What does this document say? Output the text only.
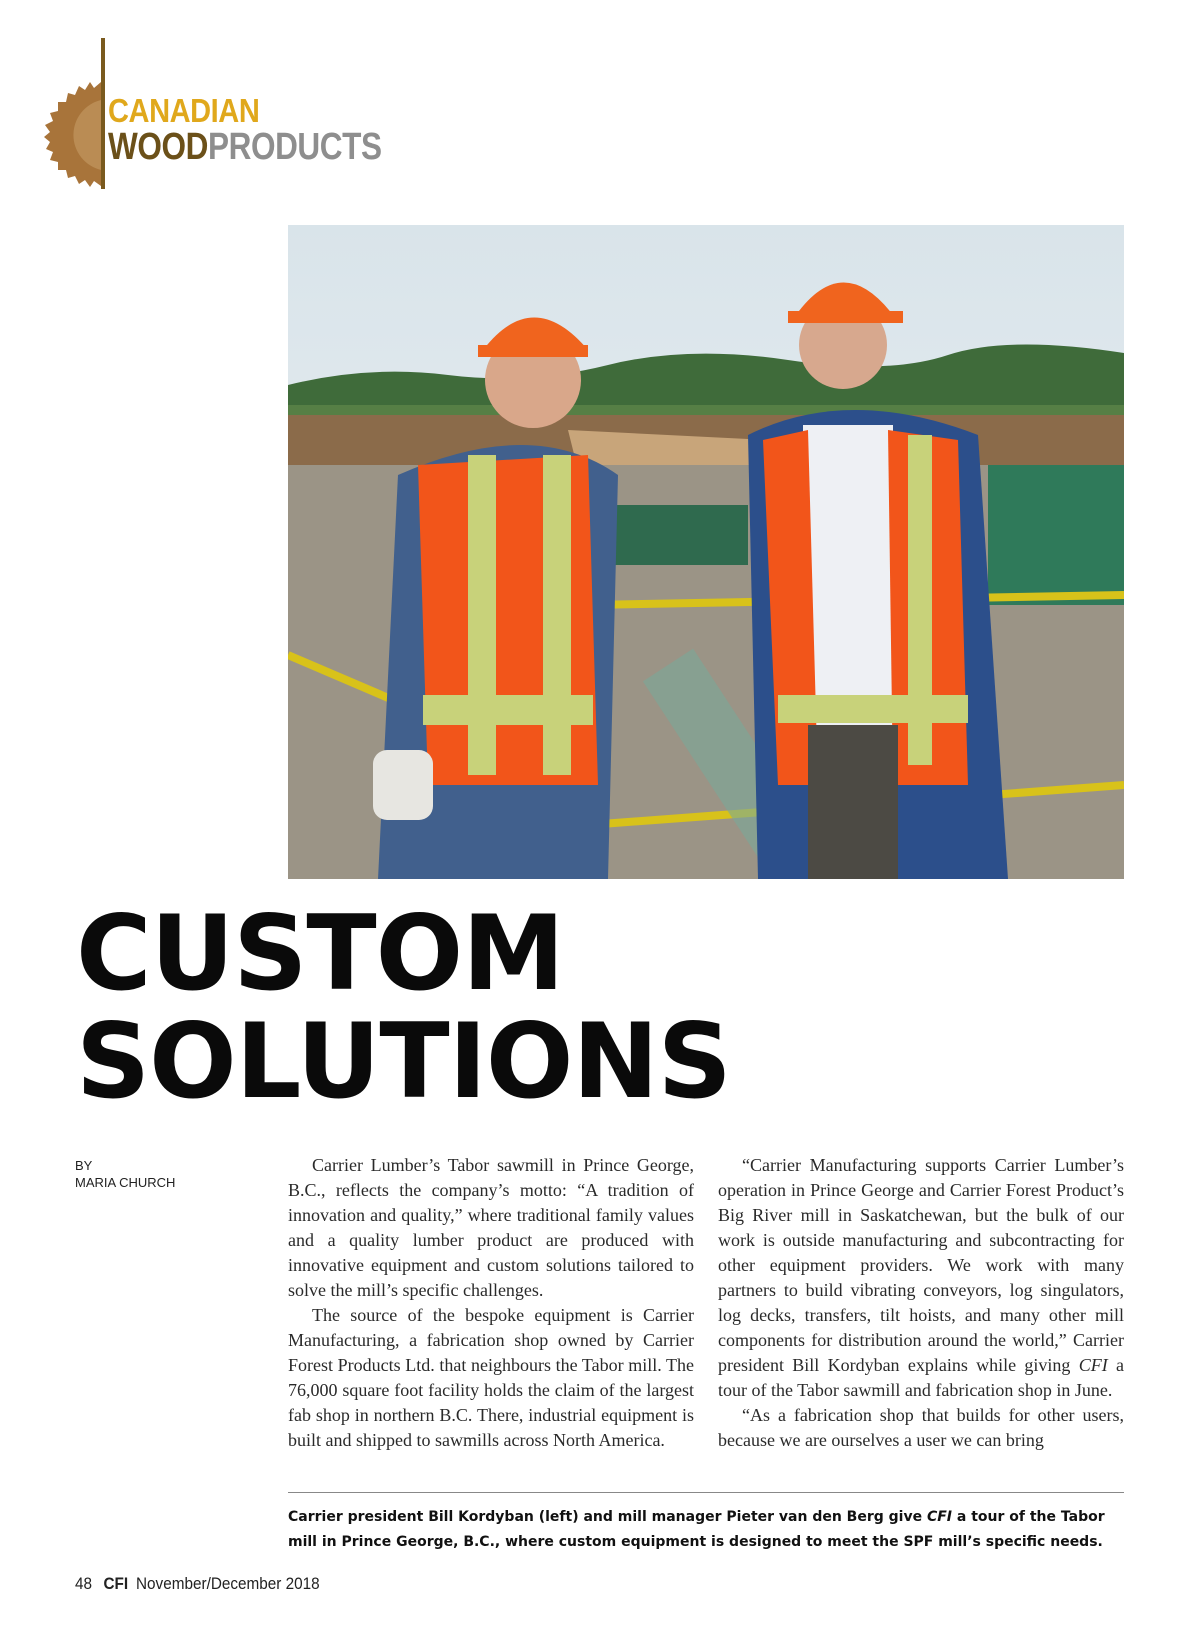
CANADIAN
WOODPRODUCTS
CUSTOM
SOLUTIONS
BY
MARIA CHURCH

Carrier Lumber’s Tabor sawmill in Prince George, B.C., reflects the company’s motto: “A tradition of innovation and quality,” where traditional family values and a quality lumber product are produced with innovative equipment and custom solutions tailored to solve the mill’s specific challenges.

The source of the bespoke equipment is Carrier Manufacturing, a fabrication shop owned by Carrier Forest Products Ltd. that neighbours the Tabor mill. The 76,000 square foot facility holds the claim of the largest fab shop in northern B.C. There, industrial equipment is built and shipped to sawmills across North America.

“Carrier Manufacturing supports Carrier Lumber’s operation in Prince George and Carrier Forest Product’s Big River mill in Saskatchewan, but the bulk of our work is outside manufacturing and subcontracting for other equipment providers. We work with many partners to build vibrating conveyors, log singulators, log decks, transfers, tilt hoists, and many other mill components for distribution around the world,” Carrier president Bill Kordyban explains while giving CFI a tour of the Tabor sawmill and fabrication shop in June.

“As a fabrication shop that builds for other users, because we are ourselves a user we can bring

Carrier president Bill Kordyban (left) and mill manager Pieter van den Berg give CFI a tour of the Tabor mill in Prince George, B.C., where custom equipment is designed to meet the SPF mill’s specific needs.
48 CFI November/December 2018
